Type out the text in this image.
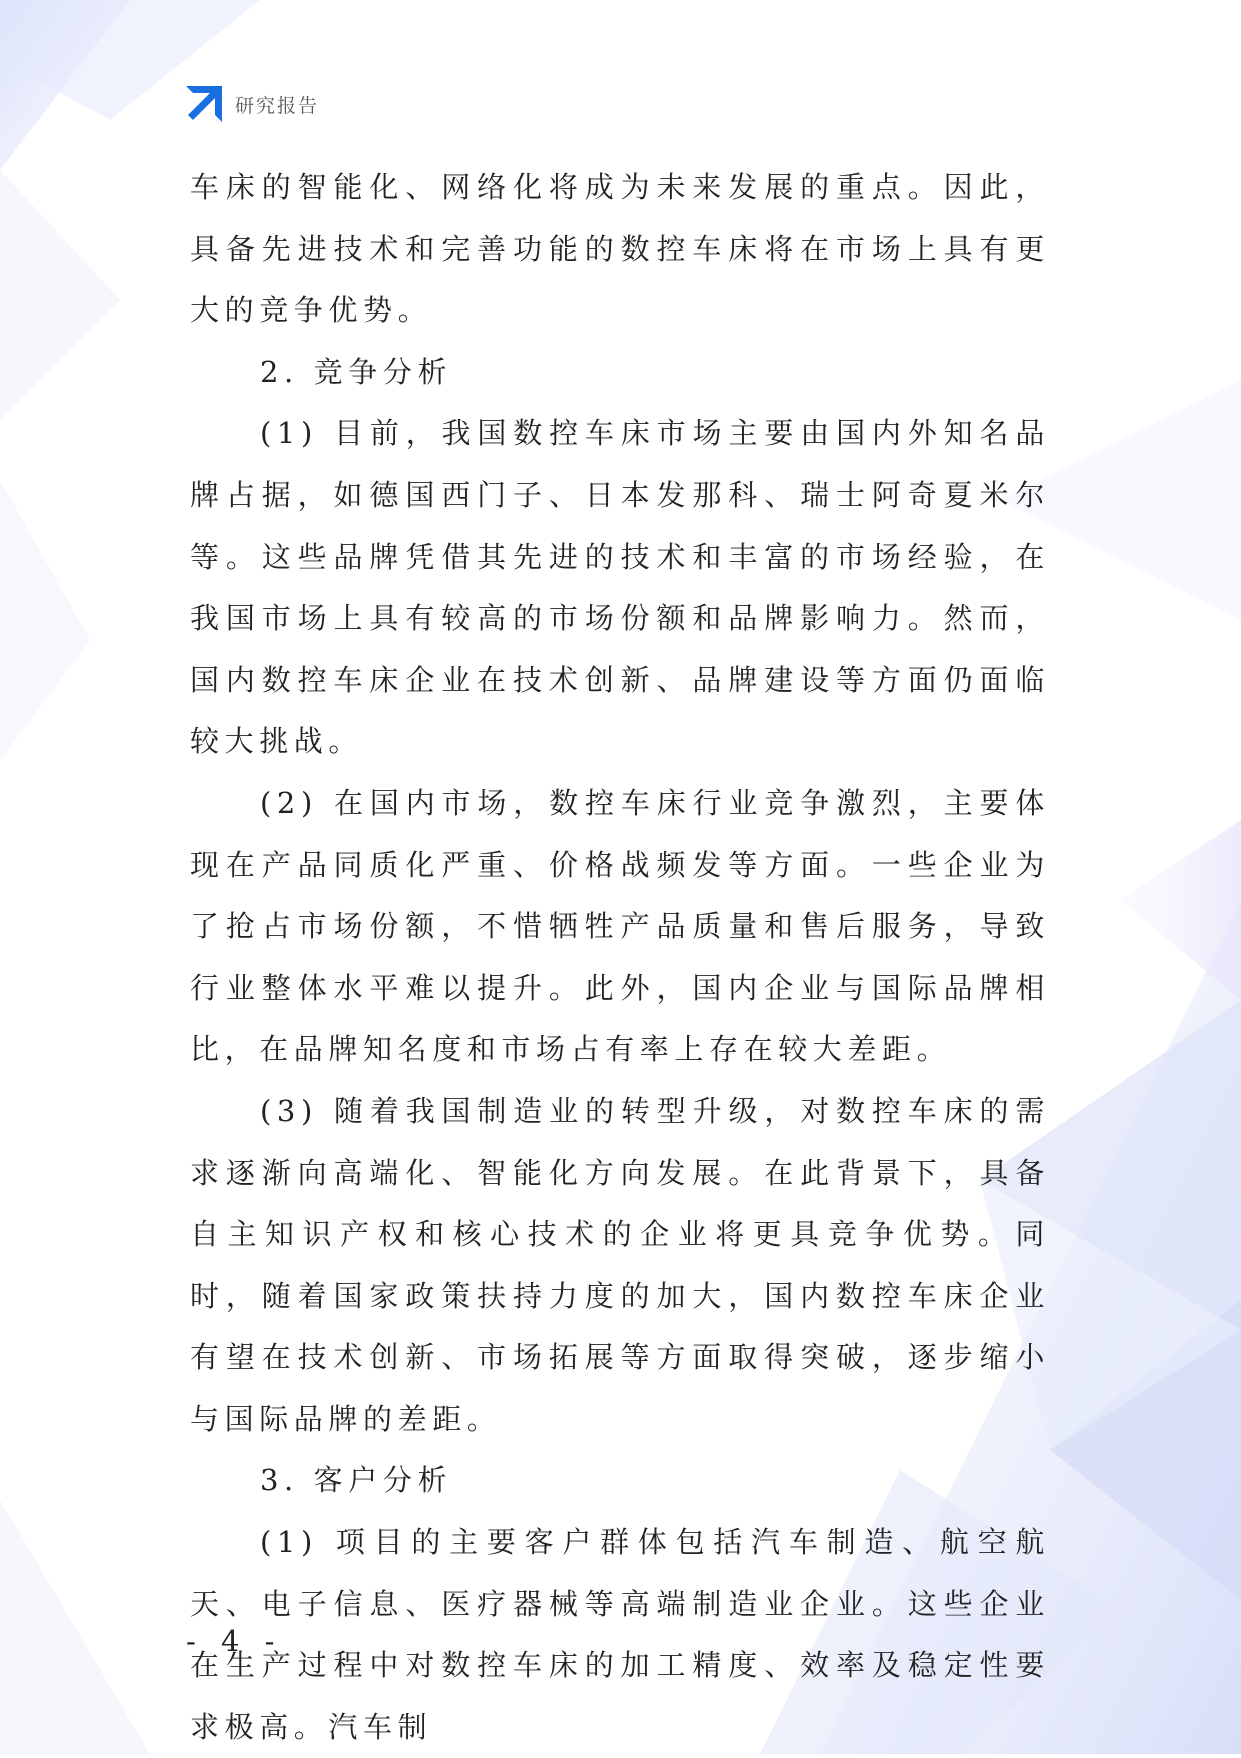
研究报告

车床的智能化、网络化将成为未来发展的重点。因此，具备先进技术和完善功能的数控车床将在市场上具有更大的竞争优势。

2. 竞争分析

(1) 目前，我国数控车床市场主要由国内外知名品牌占据，如德国西门子、日本发那科、瑞士阿奇夏米尔等。这些品牌凭借其先进的技术和丰富的市场经验，在我国市场上具有较高的市场份额和品牌影响力。然而，国内数控车床企业在技术创新、品牌建设等方面仍面临较大挑战。

(2) 在国内市场，数控车床行业竞争激烈，主要体现在产品同质化严重、价格战频发等方面。一些企业为了抢占市场份额，不惜牺牲产品质量和售后服务，导致行业整体水平难以提升。此外，国内企业与国际品牌相比，在品牌知名度和市场占有率上存在较大差距。

(3) 随着我国制造业的转型升级，对数控车床的需求逐渐向高端化、智能化方向发展。在此背景下，具备自主知识产权和核心技术的企业将更具竞争优势。同时，随着国家政策扶持力度的加大，国内数控车床企业有望在技术创新、市场拓展等方面取得突破，逐步缩小与国际品牌的差距。

3. 客户分析

(1) 项目的主要客户群体包括汽车制造、航空航天、电子信息、医疗器械等高端制造业企业。这些企业在生产过程中对数控车床的加工精度、效率及稳定性要求极高。汽车制

- 4 -
